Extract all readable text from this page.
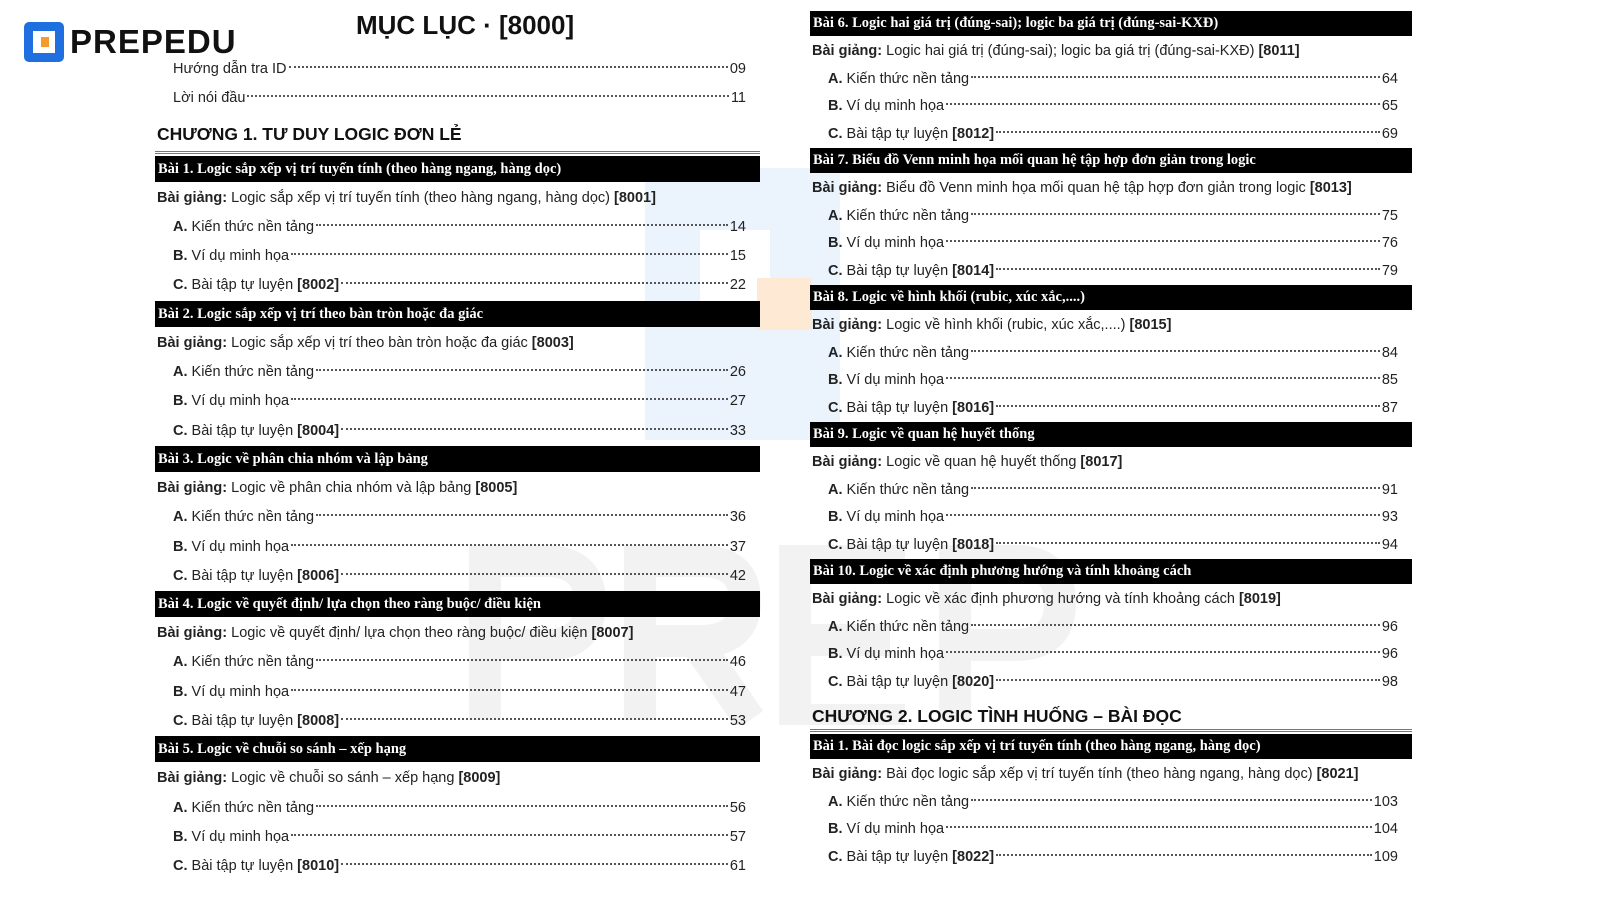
PREPEDU	MỤC LỤC · [8000]
Hướng dẫn tra ID	09
Lời nói đầu	11
CHƯƠNG 1. TƯ DUY LOGIC ĐƠN LẺ
Bài 1. Logic sắp xếp vị trí tuyến tính (theo hàng ngang, hàng dọc)
Bài giảng: Logic sắp xếp vị trí tuyến tính (theo hàng ngang, hàng dọc) [8001]
A. Kiến thức nền tảng	14
B. Ví dụ minh họa	15
C. Bài tập tự luyện [8002]	22
Bài 2. Logic sắp xếp vị trí theo bàn tròn hoặc đa giác
Bài giảng: Logic sắp xếp vị trí theo bàn tròn hoặc đa giác [8003]
A. Kiến thức nền tảng	26
B. Ví dụ minh họa	27
C. Bài tập tự luyện [8004]	33
Bài 3. Logic về phân chia nhóm và lập bảng
Bài giảng: Logic về phân chia nhóm và lập bảng [8005]
A. Kiến thức nền tảng	36
B. Ví dụ minh họa	37
C. Bài tập tự luyện [8006]	42
Bài 4. Logic về quyết định/ lựa chọn theo ràng buộc/ điều kiện
Bài giảng: Logic về quyết định/ lựa chọn theo ràng buộc/ điều kiện [8007]
A. Kiến thức nền tảng	46
B. Ví dụ minh họa	47
C. Bài tập tự luyện [8008]	53
Bài 5. Logic về chuỗi so sánh – xếp hạng
Bài giảng: Logic về chuỗi so sánh – xếp hạng [8009]
A. Kiến thức nền tảng	56
B. Ví dụ minh họa	57
C. Bài tập tự luyện [8010]	61
Bài 6. Logic hai giá trị (đúng-sai); logic ba giá trị (đúng-sai-KXĐ)
Bài giảng: Logic hai giá trị (đúng-sai); logic ba giá trị (đúng-sai-KXĐ) [8011]
A. Kiến thức nền tảng	64
B. Ví dụ minh họa	65
C. Bài tập tự luyện [8012]	69
Bài 7. Biểu đồ Venn minh họa mối quan hệ tập hợp đơn giản trong logic
Bài giảng: Biểu đồ Venn minh họa mối quan hệ tập hợp đơn giản trong logic [8013]
A. Kiến thức nền tảng	75
B. Ví dụ minh họa	76
C. Bài tập tự luyện [8014]	79
Bài 8. Logic về hình khối (rubic, xúc xắc,....)
Bài giảng: Logic về hình khối (rubic, xúc xắc,....) [8015]
A. Kiến thức nền tảng	84
B. Ví dụ minh họa	85
C. Bài tập tự luyện [8016]	87
Bài 9. Logic về quan hệ huyết thống
Bài giảng: Logic về quan hệ huyết thống [8017]
A. Kiến thức nền tảng	91
B. Ví dụ minh họa	93
C. Bài tập tự luyện [8018]	94
Bài 10. Logic về xác định phương hướng và tính khoảng cách
Bài giảng: Logic về xác định phương hướng và tính khoảng cách [8019]
A. Kiến thức nền tảng	96
B. Ví dụ minh họa	96
C. Bài tập tự luyện [8020]	98
CHƯƠNG 2. LOGIC TÌNH HUỐNG – BÀI ĐỌC
Bài 1. Bài đọc logic sắp xếp vị trí tuyến tính (theo hàng ngang, hàng dọc)
Bài giảng: Bài đọc logic sắp xếp vị trí tuyến tính (theo hàng ngang, hàng dọc) [8021]
A. Kiến thức nền tảng	103
B. Ví dụ minh họa	104
C. Bài tập tự luyện [8022]	109
